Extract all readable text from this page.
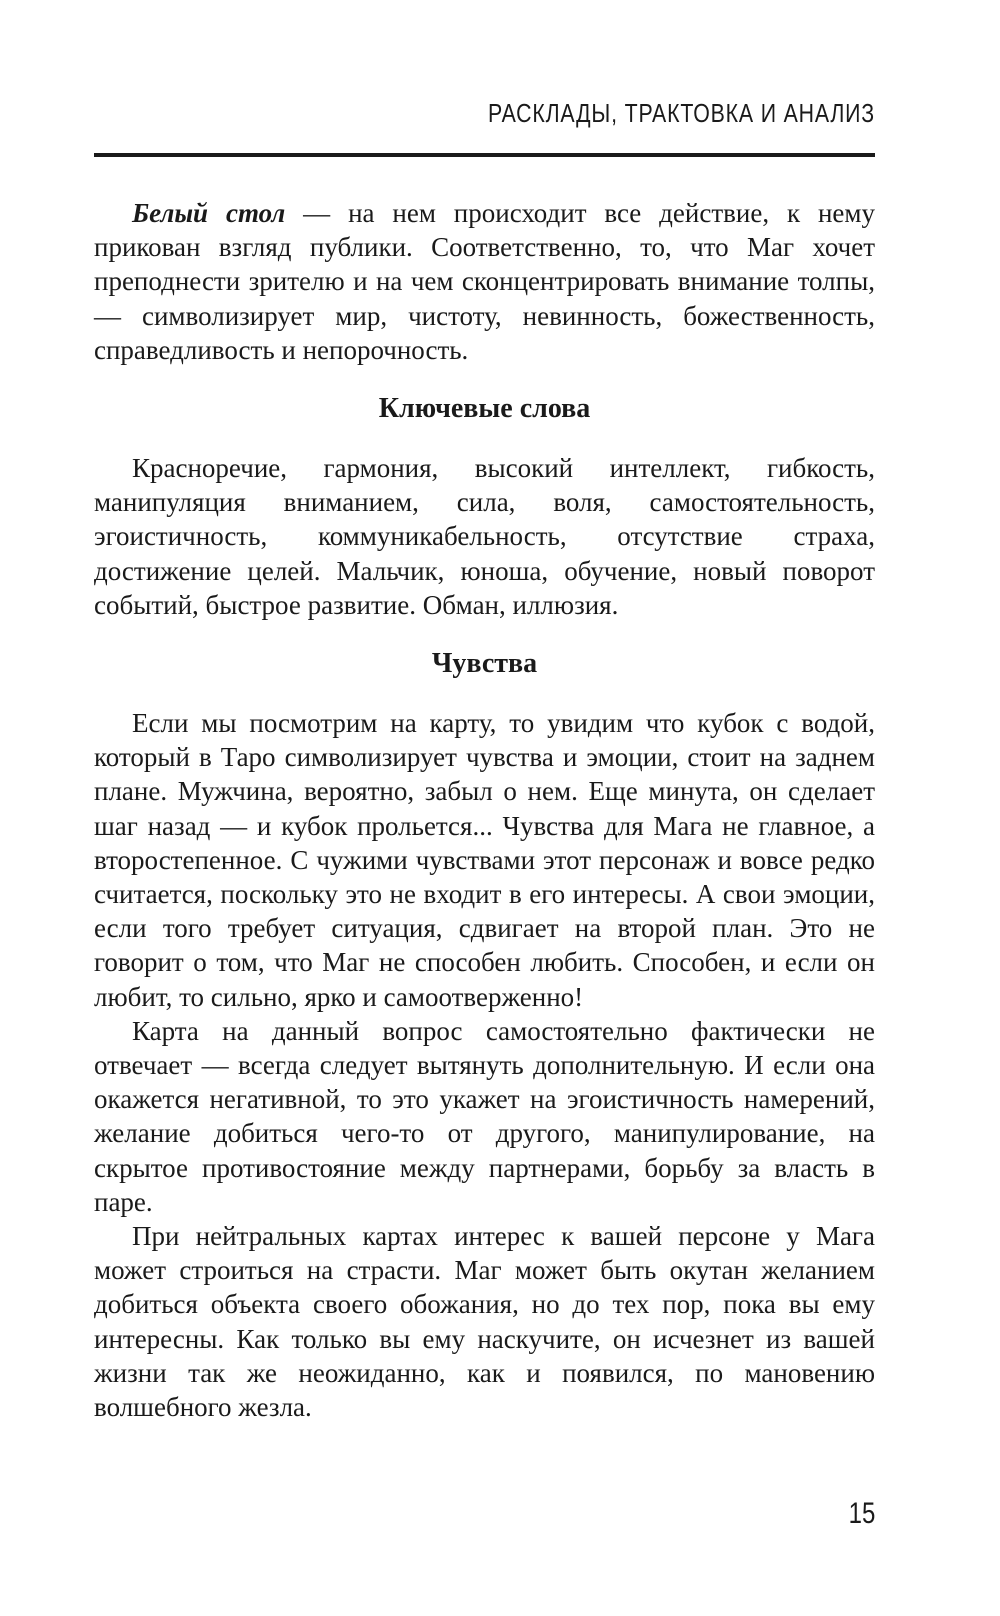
РАСКЛАДЫ, ТРАКТОВКА И АНАЛИЗ

Белый стол — на нем происходит все действие, к нему прикован взгляд публики. Соответственно, то, что Маг хочет преподнести зрителю и на чем сконцентрировать внимание толпы, — символизирует мир, чистоту, невинность, божественность, справедливость и непорочность.

Ключевые слова

Красноречие, гармония, высокий интеллект, гибкость, манипуляция вниманием, сила, воля, самостоятельность, эгоистичность, коммуникабельность, отсутствие страха, достижение целей. Мальчик, юноша, обучение, новый поворот событий, быстрое развитие. Обман, иллюзия.

Чувства

Если мы посмотрим на карту, то увидим что кубок с водой, который в Таро символизирует чувства и эмоции, стоит на заднем плане. Мужчина, вероятно, забыл о нем. Еще минута, он сделает шаг назад — и кубок прольется... Чувства для Мага не главное, а второстепенное. С чужими чувствами этот персонаж и вовсе редко считается, поскольку это не входит в его интересы. А свои эмоции, если того требует ситуация, сдвигает на второй план. Это не говорит о том, что Маг не способен любить. Способен, и если он любит, то сильно, ярко и самоотверженно!

Карта на данный вопрос самостоятельно фактически не отвечает — всегда следует вытянуть дополнительную. И если она окажется негативной, то это укажет на эгоистичность намерений, желание добиться чего-то от другого, манипулирование, на скрытое противостояние между партнерами, борьбу за власть в паре.

При нейтральных картах интерес к вашей персоне у Мага может строиться на страсти. Маг может быть окутан желанием добиться объекта своего обожания, но до тех пор, пока вы ему интересны. Как только вы ему наскучите, он исчезнет из вашей жизни так же неожиданно, как и появился, по мановению волшебного жезла.

15
